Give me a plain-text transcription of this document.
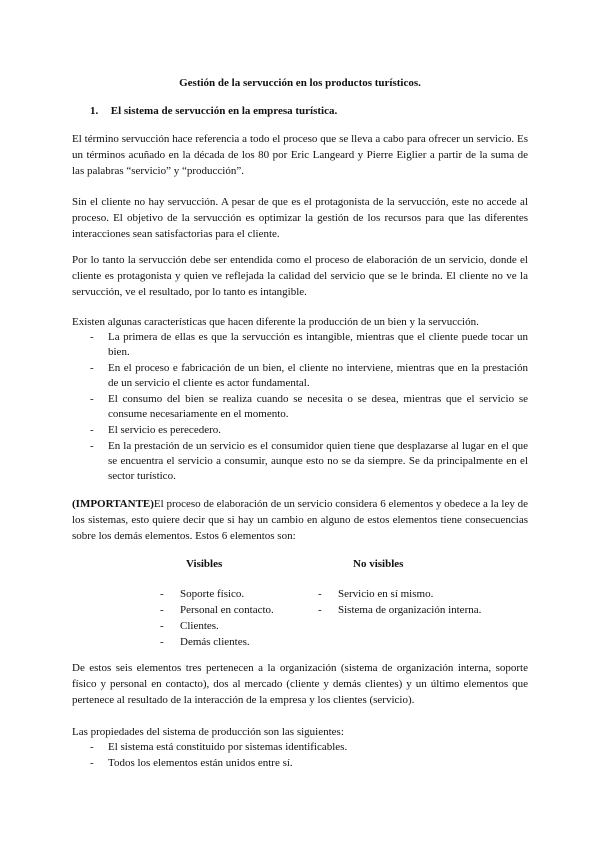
Gestión de la servucción en los productos turísticos.
1. El sistema de servucción en la empresa turística.

El término servucción hace referencia a todo el proceso que se lleva a cabo para ofrecer un servicio. Es un términos acuñado en la década de los 80 por Eric Langeard y Pierre Eiglier a partir de la suma de las palabras “servicio” y “producción”.

Sin el cliente no hay servucción. A pesar de que es el protagonista de la servucción, este no accede al proceso. El objetivo de la servucción es optimizar la gestión de los recursos para que las diferentes interacciones sean satisfactorias para el cliente.

Por lo tanto la servucción debe ser entendida como el proceso de elaboración de un servicio, donde el cliente es protagonista y quien ve reflejada la calidad del servicio que se le brinda. El cliente no ve la servucción, ve el resultado, por lo tanto es intangible.

Existen algunas características que hacen diferente la producción de un bien y la servucción.

- La primera de ellas es que la servucción es intangible, mientras que el cliente puede tocar un bien.
- En el proceso e fabricación de un bien, el cliente no interviene, mientras que en la prestación de un servicio el cliente es actor fundamental.
- El consumo del bien se realiza cuando se necesita o se desea, mientras que el servicio se consume necesariamente en el momento.
- El servicio es perecedero.
- En la prestación de un servicio es el consumidor quien tiene que desplazarse al lugar en el que se encuentra el servicio a consumir, aunque esto no se da siempre. Se da principalmente en el sector turístico.

(IMPORTANTE)El proceso de elaboración de un servicio considera 6 elementos y obedece a la ley de los sistemas, esto quiere decir que si hay un cambio en alguno de estos elementos tiene consecuencias sobre los demás elementos. Estos 6 elementos son:

Visibles	No visibles
- Soporte físico.
- Personal en contacto.
- Clientes.
- Demás clientes.
- Servicio en sí mismo.
- Sistema de organización interna.

De estos seis elementos tres pertenecen a la organización (sistema de organización interna, soporte físico y personal en contacto), dos al mercado (cliente y demás clientes) y un último elementos que pertenece al resultado de la interacción de la empresa y los clientes (servicio).

Las propiedades del sistema de producción son las siguientes:

- El sistema está constituido por sistemas identificables.
- Todos los elementos están unidos entre sí.
